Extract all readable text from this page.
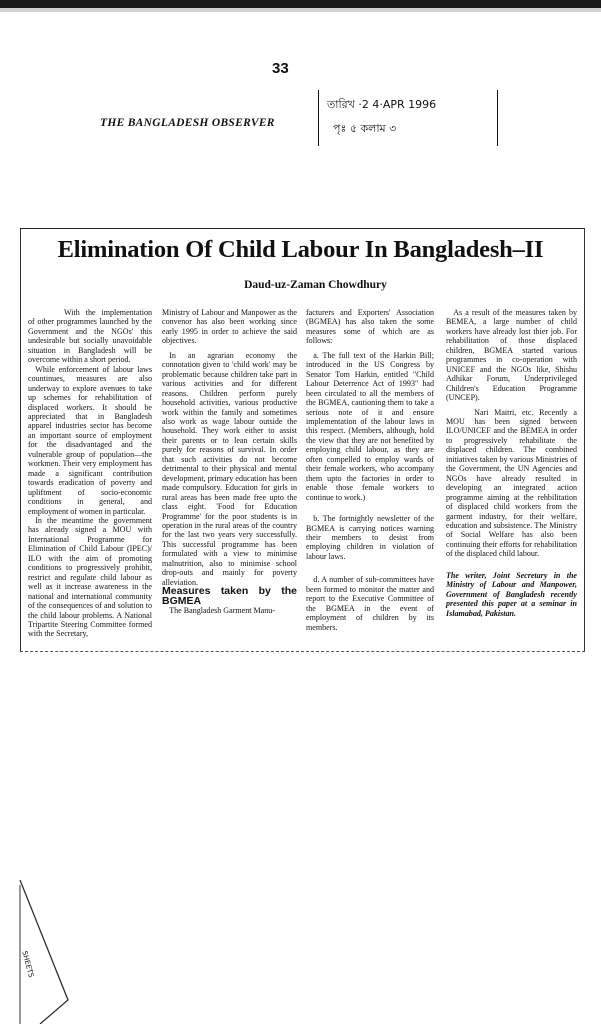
33
THE BANGLADESH OBSERVER
তারিখ ·2 4·APR 1996
পৃঃ ৫ কলাম ৩
Elimination Of Child Labour In Bangladesh–II
Daud-uz-Zaman Chowdhury

With the implementation of other programmes launched by the Government and the NGOs' this undesirable but socially unavoidable situation in Bangladesh will be overcome within a short period.

While enforcement of labour laws countinues, measures are also underway to explore avenues to take up schemes for rehabilitation of displaced workers. It should be appreciated that in Bangladesh apparel industries sector has become an important source of employment for the disadvantaged and the vulnerable group of population—the workmen. Their very employment has made a significant contribution towards eradication of poverty and upliftment of socio-economic conditions in general, and employment of women in particular.

In the meantime the government has already signed a MOU with International Programme for Elimination of Child Labour (IPEC)/ ILO with the aim of promoting conditions to progressively prohibit, restrict and regulate child labour as well as it increase awareness in the national and international community of the consequences of and solution to the child labour problems. A National Tripartite Steering Committee formed with the Secretary,

Ministry of Labour and Manpower as the convenor has also been working since early 1995 in order to achieve the said objectives.

In an agrarian economy the connotation given to 'child work' may be problematic because children take part in various activities and for different reasons. Children perform purely household activities, various productive work within the family and sometimes also work as wage labour outside the household. They work either to assist their parents or to lean certain skills purely for reasons of survival. In order that such activities do not become detrimental to their physical and mental development, primary education has been made compulsory. Education for girls in rural areas has been made free upto the class eight. 'Food for Education Programme' for the poor students is in operation in the rural areas of the country for the last two years very successfully. This successful programme has been formulated with a view to minimise malnutrition, also to minimise school drop-outs and mainly for poverty alleviation.

Measures taken by the BGMEA

The Bangladesh Garment Manu-

facturers and Exporters' Association (BGMEA) has also taken the some measures some of which are as follows:

a. The full text of the Harkin Bill; introduced in the US Congress by Senator Tom Harkin, entitled "Child Labour Deterrence Act of 1993" had been circulated to all the members of the BGMEA, cautioning them to take a serious note of it and ensure implementation of the labour laws in this respect. (Members, although, hold the view that they are not benefited by employing child labour, as they are often compelled to employ wards of their female workers, who accompany them upto the factories in order to enable those female workers to continue to work.)

b. The fortnightly newsletter of the BGMEA is carrying notices warning their members to desist from employing children in violation of labour laws.

d. A number of sub-committees have been formed to monitor the matter and report to the Executive Committee of the BGMEA in the event of employment of children by its members.

As a result of the measures taken by BEMEA, a large number of child workers have already lost thier job. For rehabilitation of those displaced children, BGMEA started various programmes in co-operation with UNICEF and the NGOs like, Shishu Adhikar Forum, Underprivileged Children's Education Programme (UNCEP).

Nari Maitri, etc. Recently a MOU has been signed between ILO/UNICEF and the BEMEA in order to progressively rehabilitate the displaced children. The combined initiatives taken by various Ministries of the Government, the UN Agencies and NGOs have already resulted in developing an integrated action programme aiming at the rehbilitation of displaced child workers from the garment industry, for their welfare, education and subsistence. The Ministry of Social Welfare has also been continuing their efforts for rehabilitation of the displaced child labour.

The writer, Joint Secretary in the Ministry of Labour and Manpower, Government of Bangladesh recently presented this paper at a seminar in Islamabad, Pakistan.

SHEETS
